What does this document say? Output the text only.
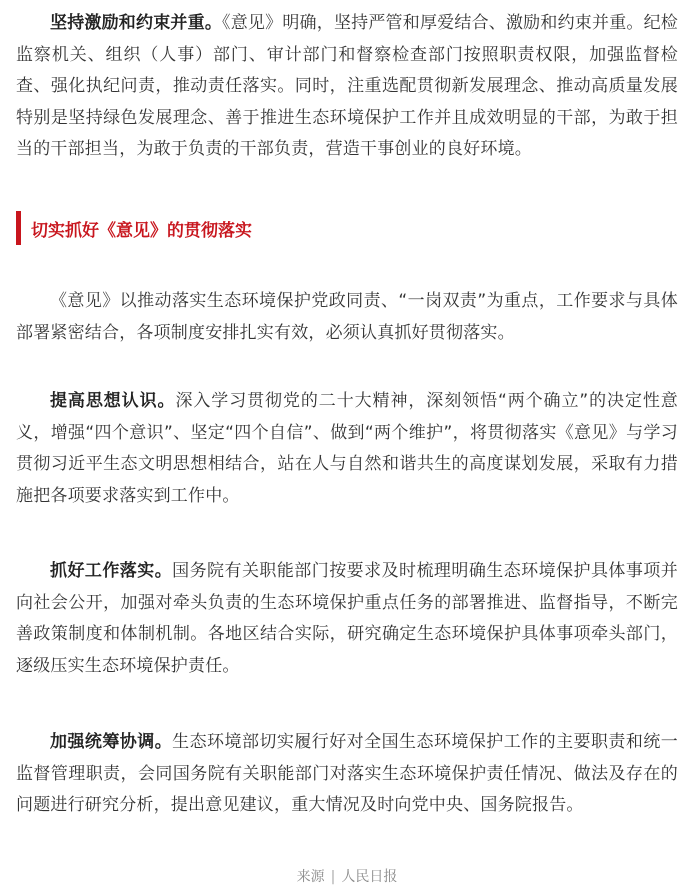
坚持激励和约束并重。《意见》明确，坚持严管和厚爱结合、激励和约束并重。纪检监察机关、组织（人事）部门、审计部门和督察检查部门按照职责权限，加强监督检查、强化执纪问责，推动责任落实。同时，注重选配贯彻新发展理念、推动高质量发展特别是坚持绿色发展理念、善于推进生态环境保护工作并且成效明显的干部，为敢于担当的干部担当，为敢于负责的干部负责，营造干事创业的良好环境。

切实抓好《意见》的贯彻落实

《意见》以推动落实生态环境保护党政同责、“一岗双责”为重点，工作要求与具体部署紧密结合，各项制度安排扎实有效，必须认真抓好贯彻落实。

提高思想认识。深入学习贯彻党的二十大精神，深刻领悟“两个确立”的决定性意义，增强“四个意识”、坚定“四个自信”、做到“两个维护”，将贯彻落实《意见》与学习贯彻习近平生态文明思想相结合，站在人与自然和谐共生的高度谋划发展，采取有力措施把各项要求落实到工作中。

抓好工作落实。国务院有关职能部门按要求及时梳理明确生态环境保护具体事项并向社会公开，加强对牵头负责的生态环境保护重点任务的部署推进、监督指导，不断完善政策制度和体制机制。各地区结合实际，研究确定生态环境保护具体事项牵头部门，逐级压实生态环境保护责任。

加强统筹协调。生态环境部切实履行好对全国生态环境保护工作的主要职责和统一监督管理职责，会同国务院有关职能部门对落实生态环境保护责任情况、做法及存在的问题进行研究分析，提出意见建议，重大情况及时向党中央、国务院报告。

来源 | 人民日报
